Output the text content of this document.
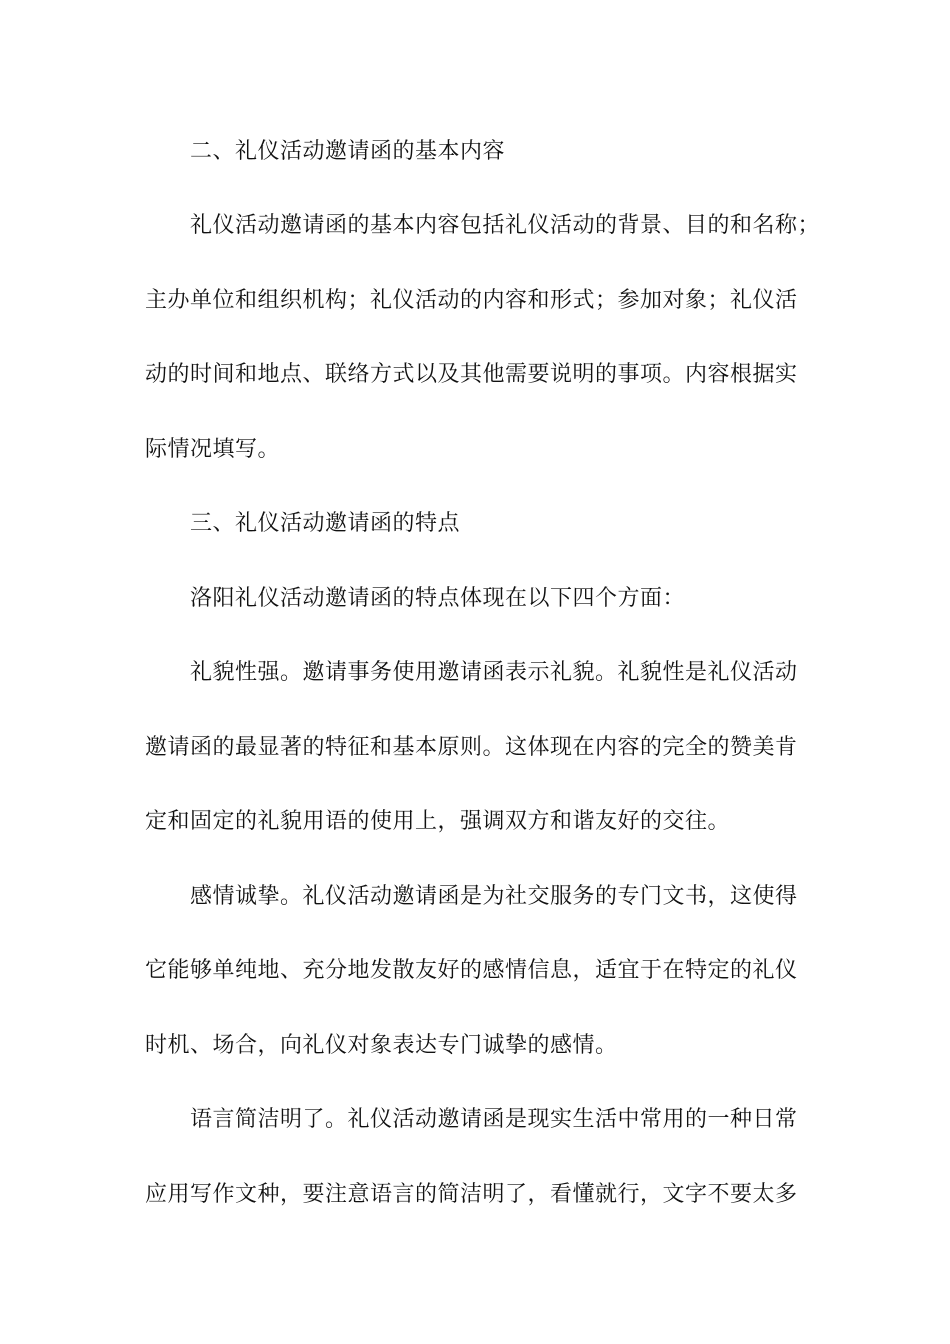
二、礼仪活动邀请函的基本内容

礼仪活动邀请函的基本内容包括礼仪活动的背景、目的和名称；

主办单位和组织机构；礼仪活动的内容和形式；参加对象；礼仪活

动的时间和地点、联络方式以及其他需要说明的事项。内容根据实

际情况填写。

三、礼仪活动邀请函的特点

洛阳礼仪活动邀请函的特点体现在以下四个方面：

礼貌性强。邀请事务使用邀请函表示礼貌。礼貌性是礼仪活动

邀请函的最显著的特征和基本原则。这体现在内容的完全的赞美肯

定和固定的礼貌用语的使用上，强调双方和谐友好的交往。

感情诚挚。礼仪活动邀请函是为社交服务的专门文书，这使得

它能够单纯地、充分地发散友好的感情信息，适宜于在特定的礼仪

时机、场合，向礼仪对象表达专门诚挚的感情。

语言简洁明了。礼仪活动邀请函是现实生活中常用的一种日常

应用写作文种，要注意语言的简洁明了，看懂就行，文字不要太多
